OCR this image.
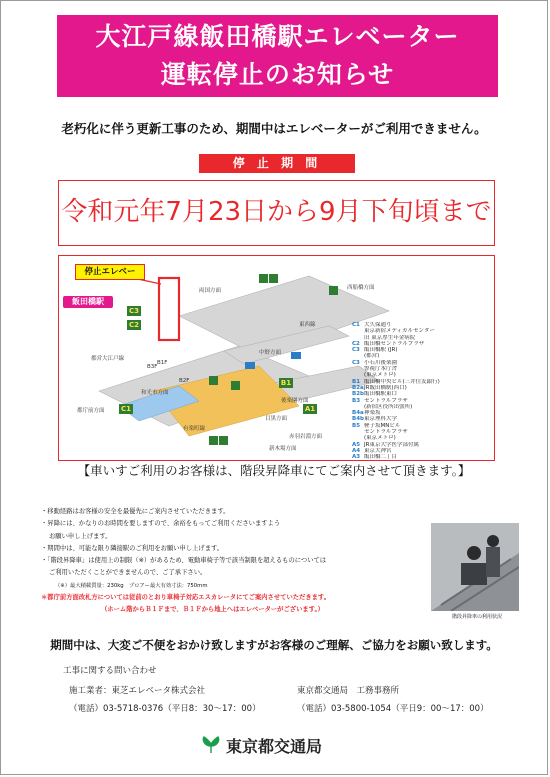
大江戸線飯田橋駅エレベーター
運転停止のお知らせ
老朽化に伴う更新工事のため、期間中はエレベーターがご利用できません。
停 止 期 間
令和元年7月23日から9月下旬頃まで
停止エレベー
飯田橋駅
両国方面	西船橋方面
東西線
中野方面
都営大江戸線
B1F
B2F
B3F
和光市方面
有楽町線
都庁前方面
後楽園方面
目黒方面
赤羽岩淵方面
新木場方面
C3
C2
C1	A1
B1
C1 大久保通り
東京新宿メディカルセンター
旧 東京厚生年金病院
C2 飯田橋セントラルプラザ
C3 飯田橋駅 (JR)
(都営)
C3 小石川後楽園
警視庁本庁舎
(東京メトロ)
B1 飯田橋中央ビル(三井住友銀行)
B2aJR飯田橋駅(西口)
B2b飯田橋駅東口
B3 セントラルプラザ
(新宿区役所出張所)
B4a神楽坂
B4b東京理科大学
B5 軽子坂MNビル
セントラルプラザ
(東京メトロ)
A5 JR東京大学医学部付属
A4 東京大神宮
A3 飯田橋二丁目
【車いすご利用のお客様は、階段昇降車にてご案内させて頂きます。】
・移動経路はお客様の安全を最優先にご案内させていただきます。
・昇降には、かなりのお時間を要しますので、余裕をもってご利用くださいますよう
お願い申し上げます。
・期間中は、可能な限り隣接駅のご利用をお願い申し上げます。
・「階段昇降車」は使用上の制限（※）があるため、電動車椅子等で該当制限を超えるものについては
ご利用いただくことができませんので、ご了承下さい。
（※）最大積載質量：230kg　プロアー最大有効寸法：750mm
＊都庁前方面改札方については従前のとおり車椅子対応エスカレータにてご案内させていただきます。
（ホーム階からＢ１Ｆまで、Ｂ１Ｆから地上へはエレベーターがございます。）
階段昇降車の利用状況
期間中は、大変ご不便をおかけ致しますがお客様のご理解、ご協力をお願い致します。
工事に関する問い合わせ
施工業者：東芝エレベータ株式会社
（電話）03-5718-0376（平日8：30～17：00）
東京都交通局　工務事務所
（電話）03-5800-1054（平日9：00～17：00）
東京都交通局
